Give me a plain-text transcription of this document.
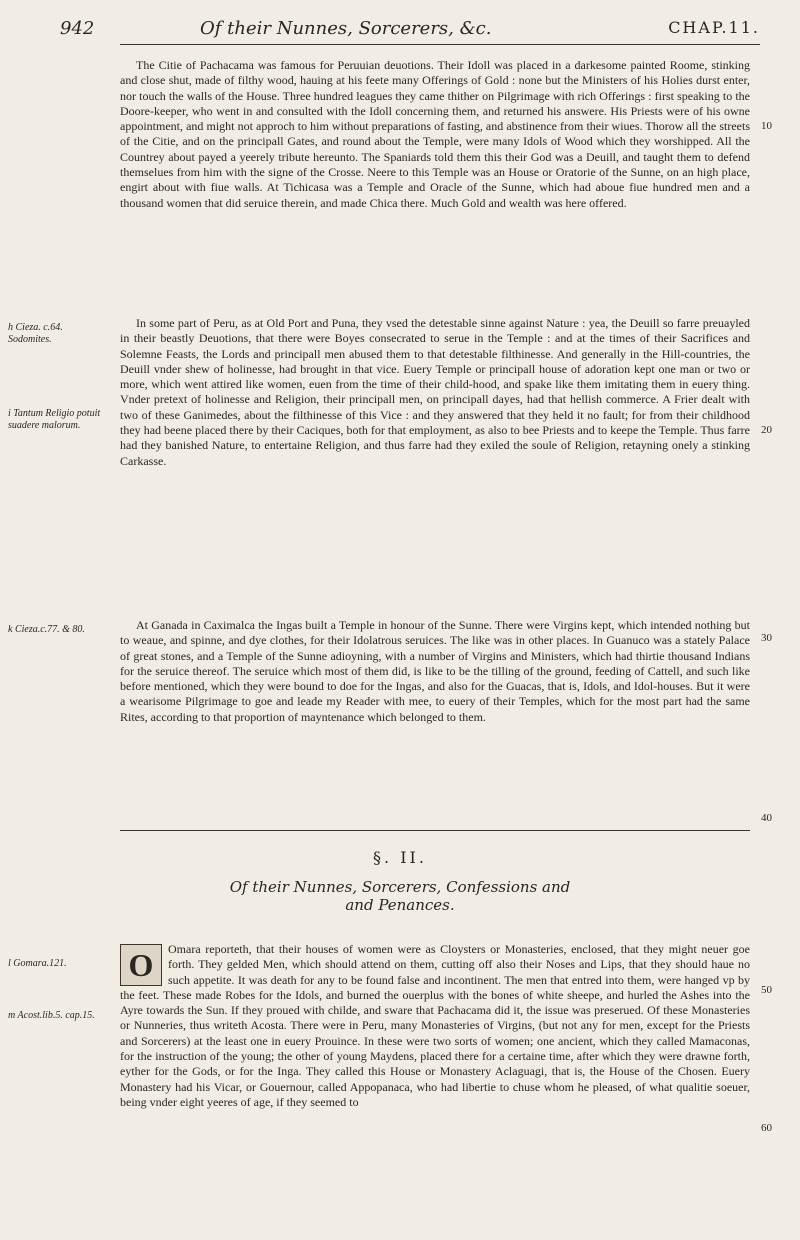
942	Of their Nunnes, Sorcerers, &c.	CHAP.11.

The Citie of Pachacama was famous for Peruuian deuotions. Their Idoll was placed in a darkesome painted Roome, stinking and close shut, made of filthy wood, hauing at his feete many Offerings of Gold : none but the Ministers of his Holies durst enter, nor touch the walls of the House. Three hundred leagues they came thither on Pilgrimage with rich Offerings : first speaking to the Doore-keeper, who went in and consulted with the Idoll concerning them, and returned his answere. His Priests were of his owne appointment, and might not approch to him without preparations of fasting, and abstinence from their wiues. Thorow all the streets of the Citie, and on the principall Gates, and round about the Temple, were many Idols of Wood which they worshipped. All the Countrey about payed a yeerely tribute hereunto. The Spaniards told them this their God was a Deuill, and taught them to defend themselues from him with the signe of the Crosse. Neere to this Temple was an House or Oratorie of the Sunne, on an high place, engirt about with fiue walls. At Tichicasa was a Temple and Oracle of the Sunne, which had aboue fiue hundred men and a thousand women that did seruice therein, and made Chica there. Much Gold and wealth was here offered.

In some part of Peru, as at Old Port and Puna, they vsed the detestable sinne against Nature : yea, the Deuill so farre preuayled in their beastly Deuotions, that there were Boyes consecrated to serue in the Temple : and at the times of their Sacrifices and Solemne Feasts, the Lords and principall men abused them to that detestable filthinesse. And generally in the Hill-countries, the Deuill vnder shew of holinesse, had brought in that vice. Euery Temple or principall house of adoration kept one man or two or more, which went attired like women, euen from the time of their child-hood, and spake like them imitating them in euery thing. Vnder pretext of holinesse and Religion, their principall men, on principall dayes, had that hellish commerce. A Frier dealt with two of these Ganimedes, about the filthinesse of this Vice : and they answered that they held it no fault; for from their childhood they had beene placed there by their Caciques, both for that employment, as also to bee Priests and to keepe the Temple. Thus farre had they banished Nature, to entertaine Religion, and thus farre had they exiled the soule of Religion, retayning onely a stinking Carkasse.

At Ganada in Caximalca the Ingas built a Temple in honour of the Sunne. There were Virgins kept, which intended nothing but to weaue, and spinne, and dye clothes, for their Idolatrous seruices. The like was in other places. In Guanuco was a stately Palace of great stones, and a Temple of the Sunne adioyning, with a number of Virgins and Ministers, which had thirtie thousand Indians for the seruice thereof. The seruice which most of them did, is like to be the tilling of the ground, feeding of Cattell, and such like before mentioned, which they were bound to doe for the Ingas, and also for the Guacas, that is, Idols, and Idol-houses. But it were a wearisome Pilgrimage to goe and leade my Reader with mee, to euery of their Temples, which for the most part had the same Rites, according to that proportion of mayntenance which belonged to them.

h Cieza. c.64. Sodomites.
i Tantum Religio potuit suadere malorum.
k Cieza.c.77. & 80.
l Gomara.121.
m Acost.lib.5. cap.15.
10
20
30
40
50
60
§. II.
Of their Nunnes, Sorcerers, Confessions and
and Penances.
O	Omara reporteth, that their houses of women were as Cloysters or Monasteries, enclosed, that they might neuer goe forth. They gelded Men, which should attend on them, cutting off also their Noses and Lips, that they should haue no such appetite. It was death for any to be found false and incontinent. The men that entred into them, were hanged vp by the feet. These made Robes for the Idols, and burned the ouerplus with the bones of white sheepe, and hurled the Ashes into the Ayre towards the Sun. If they proued with childe, and sware that Pachacama did it, the issue was preserued. Of these Monasteries or Nunneries, thus writeth Acosta. There were in Peru, many Monasteries of Virgins, (but not any for men, except for the Priests and Sorcerers) at the least one in euery Prouince. In these were two sorts of women; one ancient, which they called Mamaconas, for the instruction of the young; the other of young Maydens, placed there for a certaine time, after which they were drawne forth, eyther for the Gods, or for the Inga. They called this House or Monastery Aclaguagi, that is, the House of the Chosen. Euery Monastery had his Vicar, or Gouernour, called Appopanaca, who had libertie to chuse whom he pleased, of what qualitie soeuer, being vnder eight yeeres of age, if they seemed to
